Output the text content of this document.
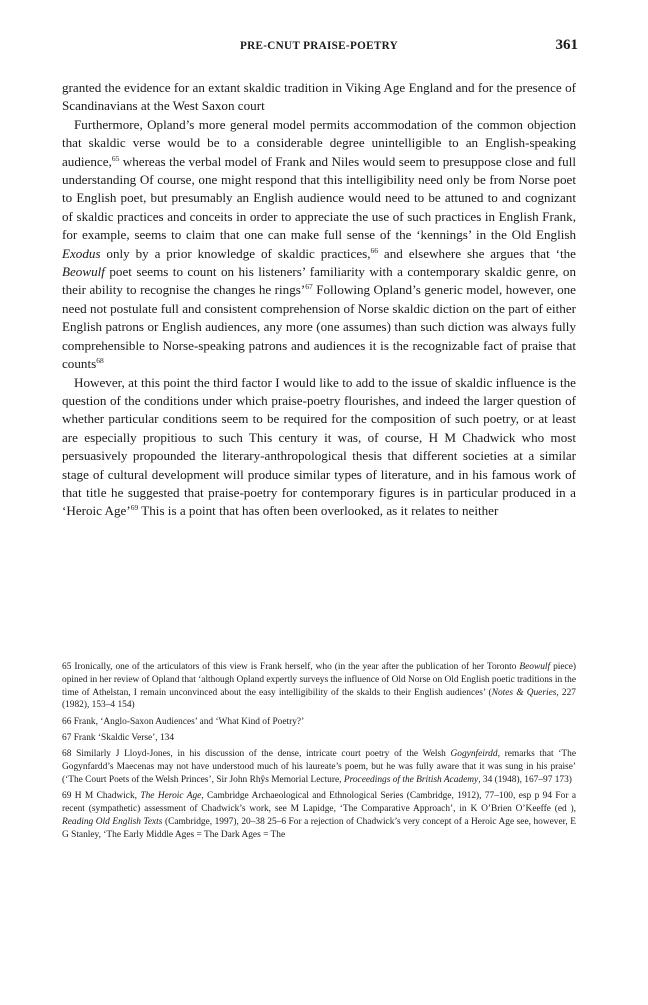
PRE-CNUT PRAISE-POETRY	361

granted the evidence for an extant skaldic tradition in Viking Age England and for the presence of Scandinavians at the West Saxon court

Furthermore, Opland’s more general model permits accommodation of the common objection that skaldic verse would be to a considerable degree unintelligible to an English-speaking audience,$^{65}$ whereas the verbal model of Frank and Niles would seem to presuppose close and full understanding Of course, one might respond that this intelligibility need only be from Norse poet to English poet, but presumably an English audience would need to be attuned to and cognizant of skaldic practices and conceits in order to appreciate the use of such practices in English Frank, for example, seems to claim that one can make full sense of the ‘kennings’ in the Old English Exodus only by a prior knowledge of skaldic practices,$^{66}$ and elsewhere she argues that ‘the Beowulf poet seems to count on his listeners’ familiarity with a contemporary skaldic genre, on their ability to recognise the changes he rings’$^{67}$ Following Opland’s generic model, however, one need not postulate full and consistent comprehension of Norse skaldic diction on the part of either English patrons or English audiences, any more (one assumes) than such diction was always fully comprehensible to Norse-speaking patrons and audiences it is the recognizable fact of praise that counts$^{68}$

However, at this point the third factor I would like to add to the issue of skaldic influence is the question of the conditions under which praise-poetry flourishes, and indeed the larger question of whether particular conditions seem to be required for the composition of such poetry, or at least are especially propitious to such This century it was, of course, H M Chadwick who most persuasively propounded the literary-anthropological thesis that different societies at a similar stage of cultural development will produce similar types of literature, and in his famous work of that title he suggested that praise-poetry for contemporary figures is in particular produced in a ‘Heroic Age’$^{69}$ This is a point that has often been overlooked, as it relates to neither

65 Ironically, one of the articulators of this view is Frank herself, who (in the year after the publication of her Toronto Beowulf piece) opined in her review of Opland that ‘although Opland expertly surveys the influence of Old Norse on Old English poetic traditions in the time of Athelstan, I remain unconvinced about the easy intelligibility of the skalds to their English audiences’ (Notes & Queries, 227 (1982), 153–4 154)

66 Frank, ‘Anglo-Saxon Audiences’ and ‘What Kind of Poetry?’

67 Frank ‘Skaldic Verse’, 134

68 Similarly J Lloyd-Jones, in his discussion of the dense, intricate court poetry of the Welsh Gogynfeirdd, remarks that ‘The Gogynfardd’s Maecenas may not have understood much of his laureate’s poem, but he was fully aware that it was sung in his praise’ (‘The Court Poets of the Welsh Princes’, Sir John Rhŷs Memorial Lecture, Proceedings of the British Academy, 34 (1948), 167–97 173)

69 H M Chadwick, The Heroic Age, Cambridge Archaeological and Ethnological Series (Cambridge, 1912), 77–100, esp p 94 For a recent (sympathetic) assessment of Chadwick’s work, see M Lapidge, ‘The Comparative Approach’, in K O’Brien O’Keeffe (ed ), Reading Old English Texts (Cambridge, 1997), 20–38 25–6 For a rejection of Chadwick’s very concept of a Heroic Age see, however, E G Stanley, ‘The Early Middle Ages = The Dark Ages = The
